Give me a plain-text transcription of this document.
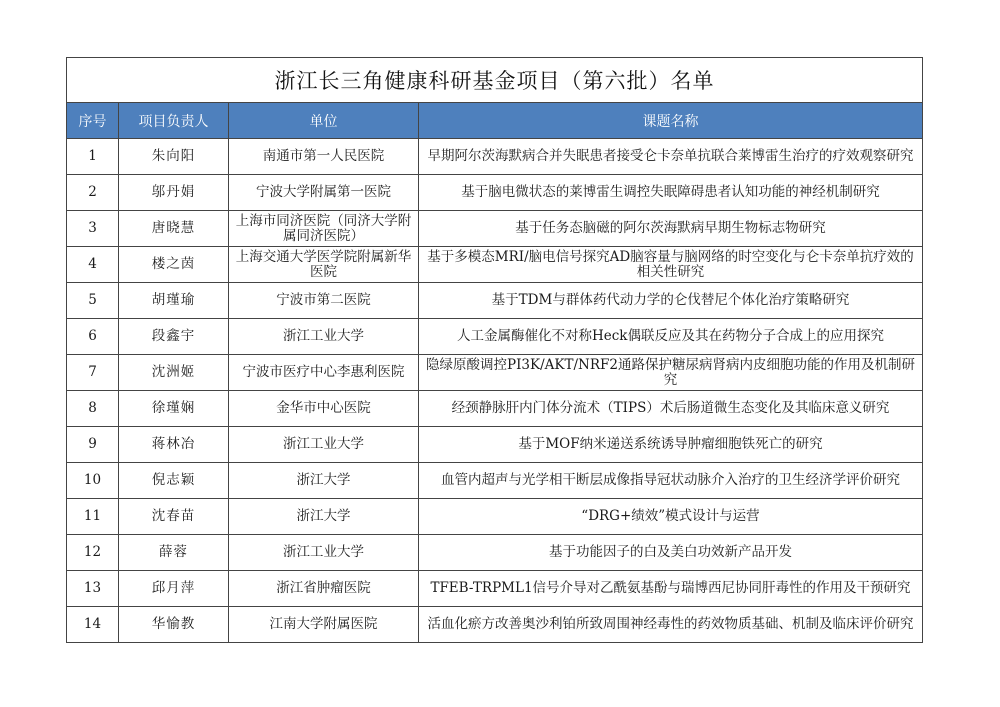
浙江长三角健康科研基金项目（第六批）名单			
序号	项目负责人	单位	课题名称
1	朱向阳	南通市第一人民医院	早期阿尔茨海默病合并失眠患者接受仑卡奈单抗联合莱博雷生治疗的疗效观察研究
2	邬丹娟	宁波大学附属第一医院	基于脑电微状态的莱博雷生调控失眠障碍患者认知功能的神经机制研究
3	唐晓慧	上海市同济医院（同济大学附属同济医院）	基于任务态脑磁的阿尔茨海默病早期生物标志物研究
4	楼之茵	上海交通大学医学院附属新华医院	基于多模态MRI/脑电信号探究AD脑容量与脑网络的时空变化与仑卡奈单抗疗效的相关性研究
5	胡瑾瑜	宁波市第二医院	基于TDM与群体药代动力学的仑伐替尼个体化治疗策略研究
6	段鑫宇	浙江工业大学	人工金属酶催化不对称Heck偶联反应及其在药物分子合成上的应用探究
7	沈洲姬	宁波市医疗中心李惠利医院	隐绿原酸调控PI3K/AKT/NRF2通路保护糖尿病肾病内皮细胞功能的作用及机制研究
8	徐瑾娴	金华市中心医院	经颈静脉肝内门体分流术（TIPS）术后肠道微生态变化及其临床意义研究
9	蒋林冶	浙江工业大学	基于MOF纳米递送系统诱导肿瘤细胞铁死亡的研究
10	倪志颖	浙江大学	血管内超声与光学相干断层成像指导冠状动脉介入治疗的卫生经济学评价研究
11	沈春苗	浙江大学	“DRG+绩效”模式设计与运营
12	薛蓉	浙江工业大学	基于功能因子的白及美白功效新产品开发
13	邱月萍	浙江省肿瘤医院	TFEB-TRPML1信号介导对乙酰氨基酚与瑞博西尼协同肝毒性的作用及干预研究
14	华愉教	江南大学附属医院	活血化瘀方改善奥沙利铂所致周围神经毒性的药效物质基础、机制及临床评价研究
